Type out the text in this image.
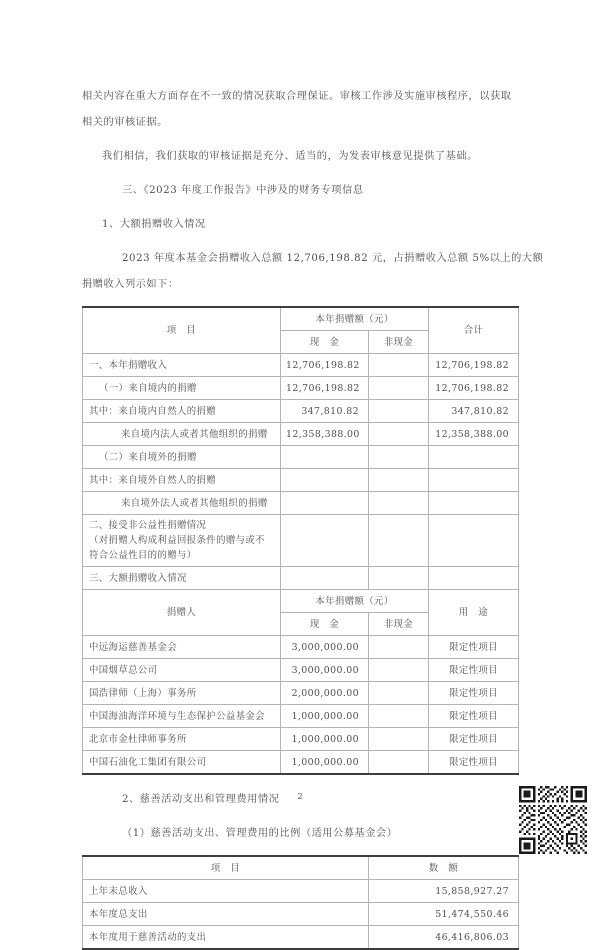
相关内容在重大方面存在不一致的情况获取合理保证。审核工作涉及实施审核程序，以获取

相关的审核证据。

我们相信，我们获取的审核证据是充分、适当的，为发表审核意见提供了基础。

三、《2023 年度工作报告》中涉及的财务专项信息

1、大额捐赠收入情况

2023 年度本基金会捐赠收入总额 12,706,198.82 元，占捐赠收入总额 5%以上的大额

捐赠收入列示如下：

项　目	本年捐赠额（元）		合计
	现　金	非现金	
一、本年捐赠收入	12,706,198.82		12,706,198.82
（一）来自境内的捐赠	12,706,198.82		12,706,198.82
其中：来自境内自然人的捐赠	347,810.82		347,810.82
来自境内法人或者其他组织的捐赠	12,358,388.00		12,358,388.00
（二）来自境外的捐赠			
其中：来自境外自然人的捐赠			
来自境外法人或者其他组织的捐赠			

二、接受非公益性捐赠情况
（对捐赠人构成利益回报条件的赠与或不
符合公益性目的的赠与）			

三、大额捐赠收入情况			
捐赠人	本年捐赠额（元）		用　途
	现　金	非现金	
中远海运慈善基金会	3,000,000.00		限定性项目
中国烟草总公司	3,000,000.00		限定性项目
国浩律师（上海）事务所	2,000,000.00		限定性项目
中国海油海洋环境与生态保护公益基金会	1,000,000.00		限定性项目
北京市金杜律师事务所	1,000,000.00		限定性项目
中国石油化工集团有限公司	1,000,000.00		限定性项目

2、慈善活动支出和管理费用情况

（1）慈善活动支出、管理费用的比例（适用公募基金会）

项　目	数　额
上年末总收入	15,858,927.27
本年度总支出	51,474,550.46
本年度用于慈善活动的支出	46,416,806.03
2
